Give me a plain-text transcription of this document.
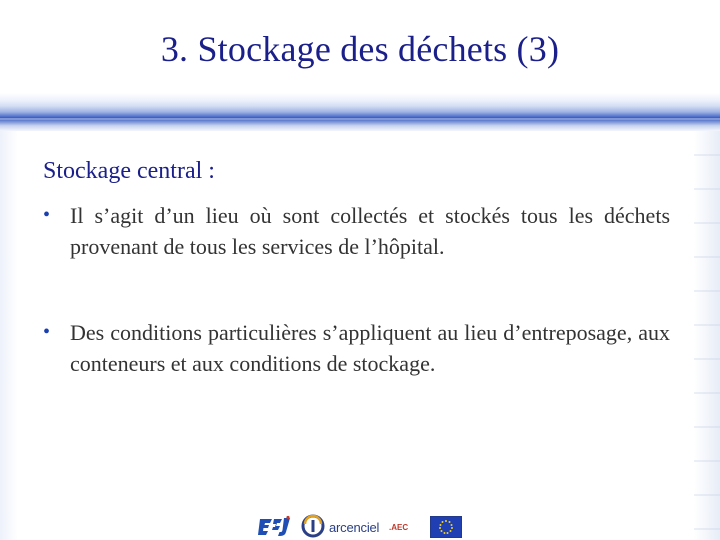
3. Stockage des déchets (3)
Stockage central :
• Il s’agit d’un lieu où sont collectés et stockés tous les déchets provenant de tous les services de l’hôpital.
• Des conditions particulières s’appliquent au lieu d’entreposage, aux conteneurs et aux conditions de stockage.
arcenciel .AEC
